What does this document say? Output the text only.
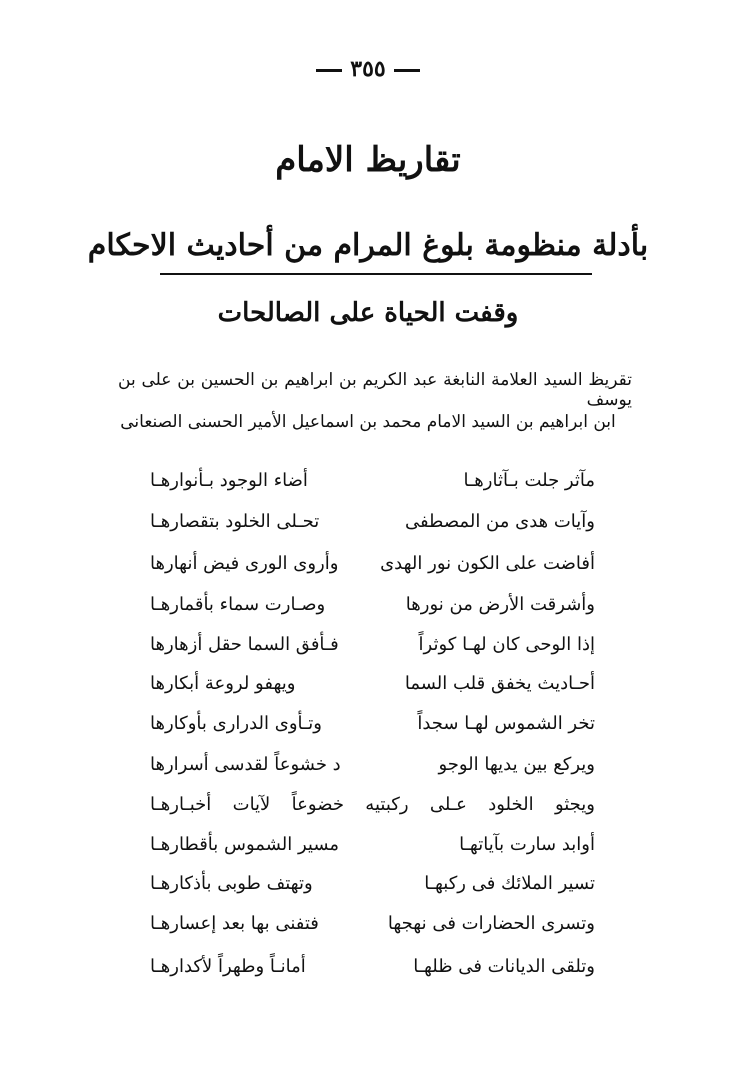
٣٥٥
تقاريظ الامام
بأدلة منظومة بلوغ المرام من أحاديث الاحكام
وقفت الحياة على الصالحات
تقريظ السيد العلامة النابغة عبد الكريم بن ابراهيم بن الحسين بن على بن يوسف
ابن ابراهيم بن السيد الامام محمد بن اسماعيل الأمير الحسنى الصنعانى
مآثر جلت بـآثارهـا
أضاء الوجود بـأنوارهـا
وآيات هدى من المصطفى
تحـلى الخلود بتقصارهـا
أفاضت على الكون نور الهدى
وأروى الورى فيض أنهارها
وأشرقت الأرض من نورها
وصـارت سماء بأقمارهـا
إذا الوحى كان لهـا كوثراً
فـأفق السما حقل أزهارها
أحـاديث يخفق قلب السما
ويهفو لروعة أبكارها
تخر الشموس لهـا سجداً
وتـأوى الدرارى بأوكارها
ويركع بين يديها الوجو
د خشوعاً لقدسى أسرارها
ويجثو الخلود عـلى ركبتيه خضوعاً لآيات أخبـارهـا
أوابد سارت بآياتهـا
مسير الشموس بأقطارهـا
تسير الملائك فى ركبهـا
وتهتف طوبى بأذكارهـا
وتسرى الحضارات فى نهجها
فتفنى بها بعد إعسارهـا
وتلقى الديانات فى ظلهـا
أمانـاً وطهراً لأكدارهـا
